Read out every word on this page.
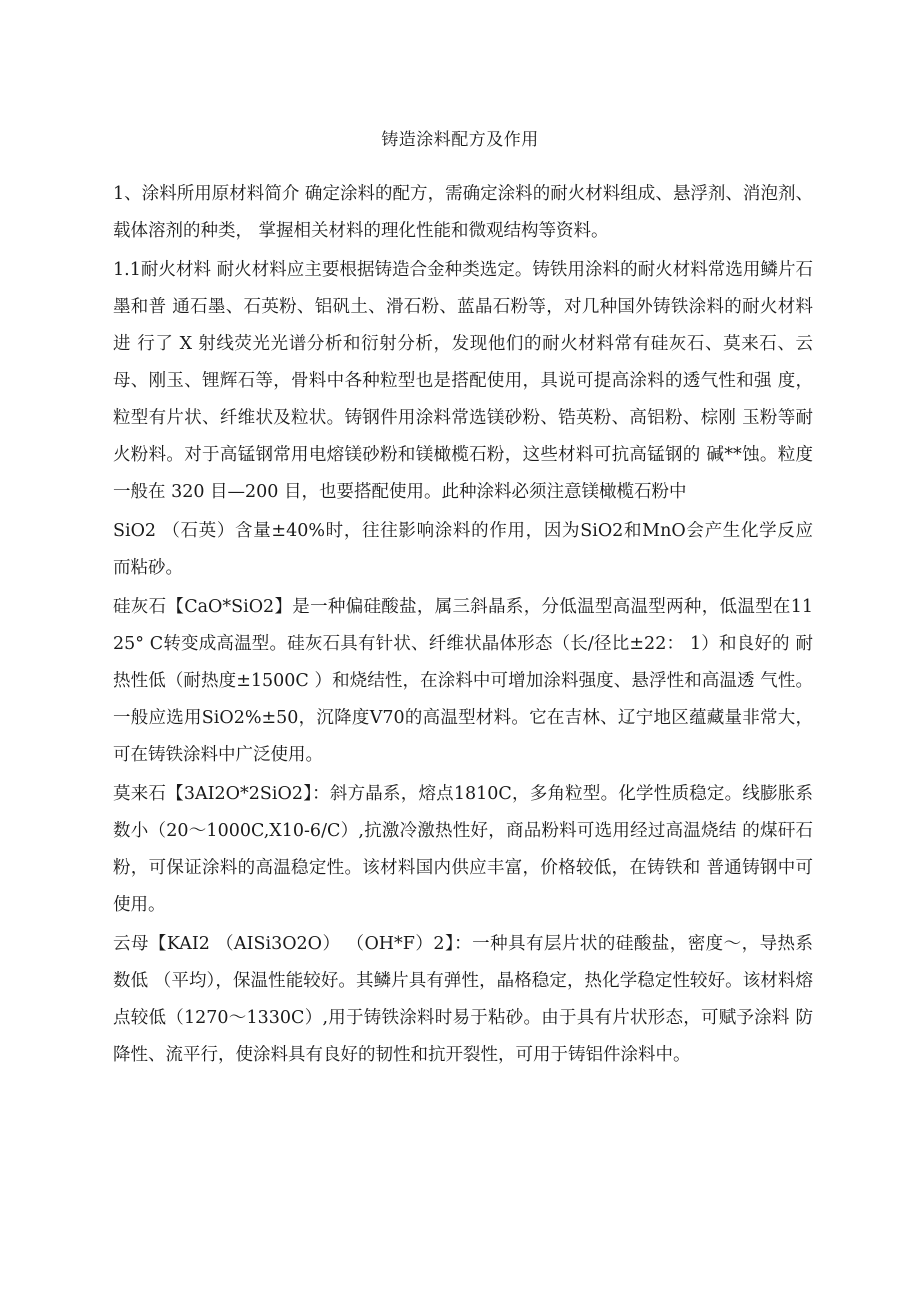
铸造涂料配方及作用

1、涂料所用原材料简介 确定涂料的配方，需确定涂料的耐火材料组成、悬浮剂、消泡剂、载体溶剂的种类， 掌握相关材料的理化性能和微观结构等资料。

1.1耐火材料 耐火材料应主要根据铸造合金种类选定。铸铁用涂料的耐火材料常选用鳞片石墨和普 通石墨、石英粉、铝矾土、滑石粉、蓝晶石粉等，对几种国外铸铁涂料的耐火材料进 行了 X 射线荧光光谱分析和衍射分析，发现他们的耐火材料常有硅灰石、莫来石、云 母、刚玉、锂辉石等，骨料中各种粒型也是搭配使用，具说可提高涂料的透气性和强 度，粒型有片状、纤维状及粒状。铸钢件用涂料常选镁砂粉、锆英粉、高铝粉、棕刚 玉粉等耐火粉料。对于高锰钢常用电熔镁砂粉和镁橄榄石粉，这些材料可抗高锰钢的 碱**蚀。粒度一般在 320 目—200 目，也要搭配使用。此种涂料必须注意镁橄榄石粉中

SiO2 （石英）含量±40%时，往往影响涂料的作用，因为SiO2和MnO会产生化学反应 而粘砂。

硅灰石【CaO*SiO2】是一种偏硅酸盐，属三斜晶系，分低温型高温型两种，低温型在1125° C转变成高温型。硅灰石具有针状、纤维状晶体形态（长/径比±22： 1）和良好的 耐热性低（耐热度±1500C ）和烧结性，在涂料中可增加涂料强度、悬浮性和高温透 气性。一般应选用SiO2%±50，沉降度V70的高温型材料。它在吉林、辽宁地区蕴藏量非常大，可在铸铁涂料中广泛使用。

莫来石【3AI2O*2SiO2】：斜方晶系，熔点1810C，多角粒型。化学性质稳定。线膨胀系数小（20〜1000C,X10-6/C）,抗激冷激热性好，商品粉料可选用经过高温烧结 的煤矸石粉，可保证涂料的高温稳定性。该材料国内供应丰富，价格较低，在铸铁和 普通铸钢中可使用。

云母【KAI2 （AISi3O2O） （OH*F）2】：一种具有层片状的硅酸盐，密度〜，导热系数低 （平均），保温性能较好。其鳞片具有弹性，晶格稳定，热化学稳定性较好。该材料熔 点较低（1270〜1330C）,用于铸铁涂料时易于粘砂。由于具有片状形态，可赋予涂料 防降性、流平行，使涂料具有良好的韧性和抗开裂性，可用于铸铝件涂料中。
